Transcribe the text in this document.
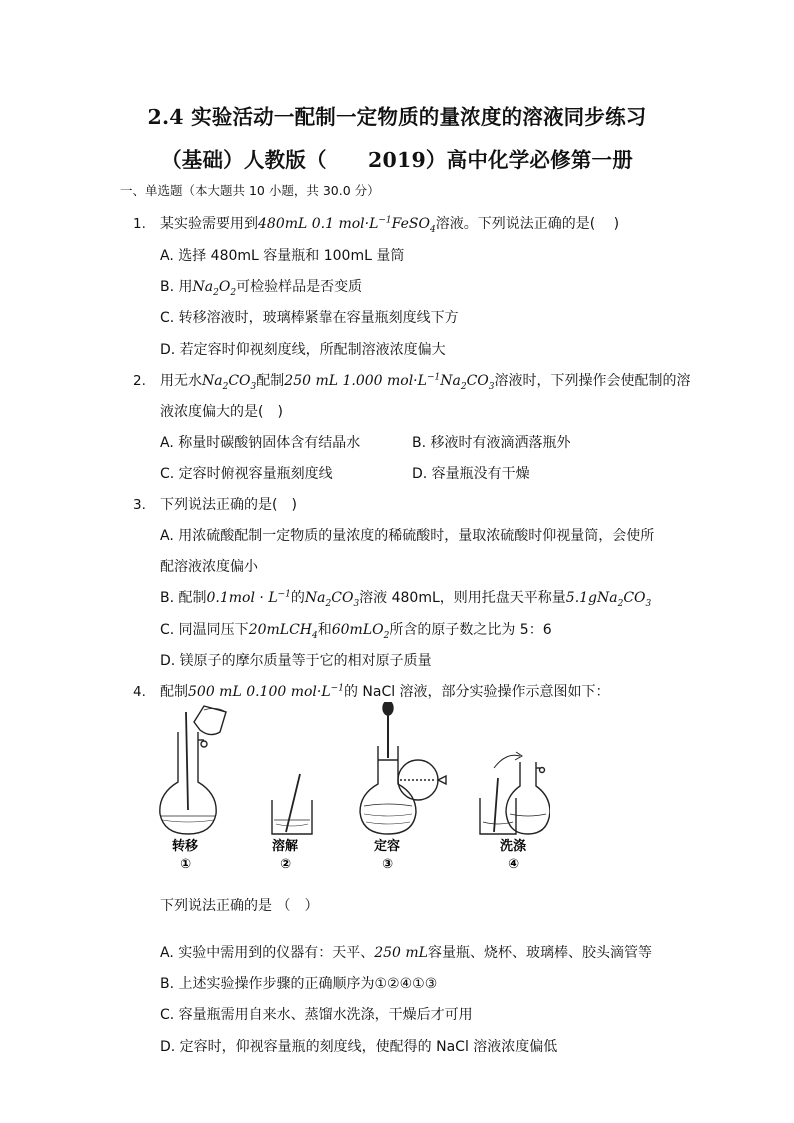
2.4 实验活动一配制一定物质的量浓度的溶液同步练习
（基础）人教版（　　2019）高中化学必修第一册
一、单选题（本大题共 10 小题，共 30.0 分）
1. 某实验需要用到480mL 0.1 $mol\cdot L^{-1}FeSO_4$溶液。下列说法正确的是(　 )
A. 选择 480mL 容量瓶和 100mL 量筒
B. 用$Na_2O_2$可检验样品是否变质
C. 转移溶液时，玻璃棒紧靠在容量瓶刻度线下方
D. 若定容时仰视刻度线，所配制溶液浓度偏大
2. 用无水$Na_2CO_3$配制250 mL 1.000 $mol\cdot L^{-1}Na_2CO_3$溶液时，下列操作会使配制的溶
液浓度偏大的是(　)
A. 称量时碳酸钠固体含有结晶水	B. 移液时有液滴洒落瓶外
C. 定容时俯视容量瓶刻度线	D. 容量瓶没有干燥
3. 下列说法正确的是(　)
A. 用浓硫酸配制一定物质的量浓度的稀硫酸时，量取浓硫酸时仰视量筒，会使所
配溶液浓度偏小
B. 配制$0.1mol \cdot L^{-1}$的$Na_2CO_3$溶液 480mL，则用托盘天平称量$5.1gNa_2CO_3$
C. 同温同压下20mLCH$_4$和60mLO$_2$所含的原子数之比为 5：6
D. 镁原子的摩尔质量等于它的相对原子质量
4. 配制500 mL 0.100 $mol\cdot L^{-1}$的 NaCl 溶液，部分实验操作示意图如下：
转移
①
溶解
②
定容
③
洗涤
④
下列说法正确的是 （　）
A. 实验中需用到的仪器有：天平、250 mL容量瓶、烧杯、玻璃棒、胶头滴管等
B. 上述实验操作步骤的正确顺序为①②④①③
C. 容量瓶需用自来水、蒸馏水洗涤，干燥后才可用
D. 定容时，仰视容量瓶的刻度线，使配得的 NaCl 溶液浓度偏低
